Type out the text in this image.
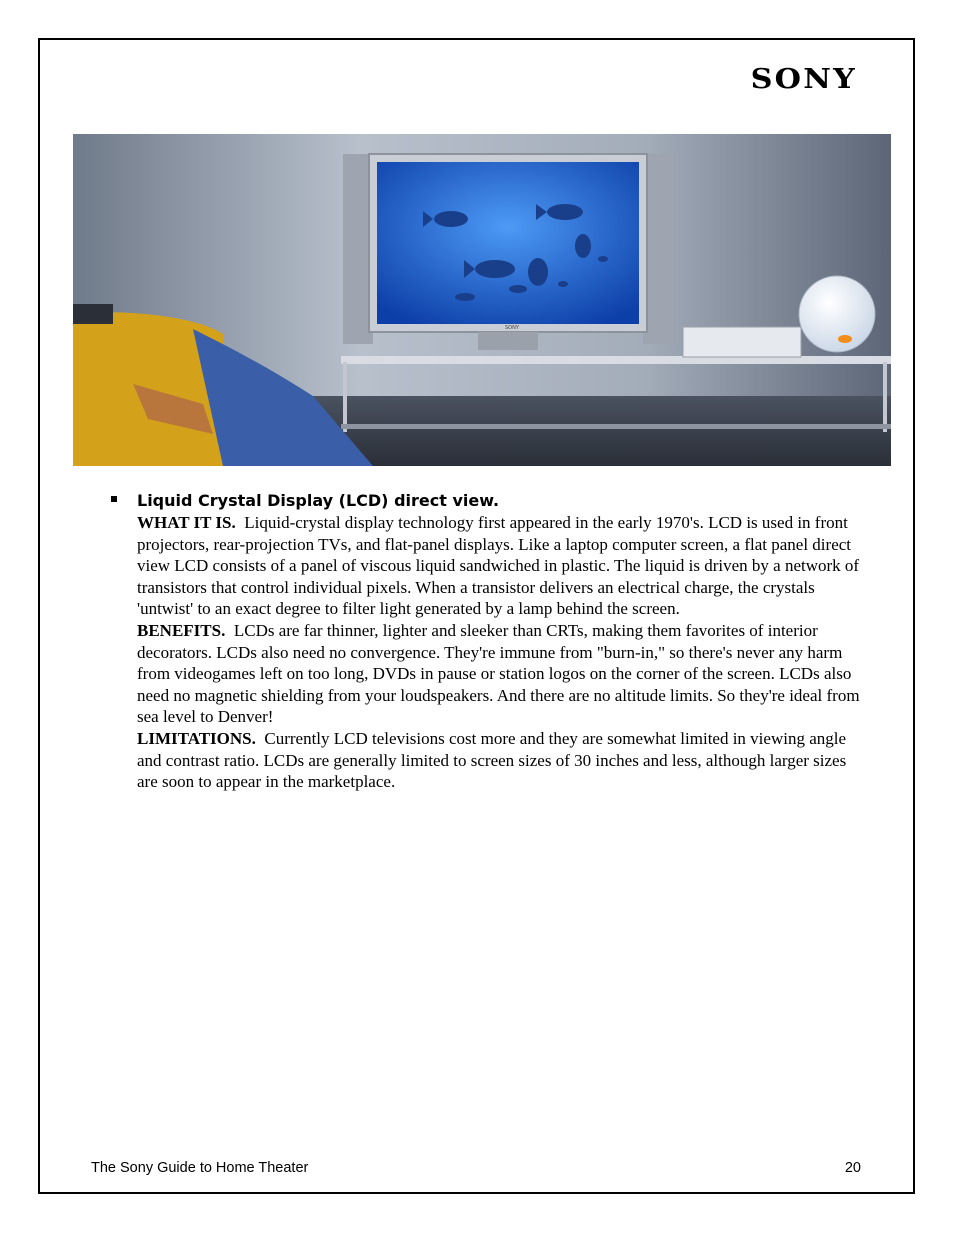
SONY
SONY
Liquid Crystal Display (LCD) direct view.

WHAT IT IS. Liquid-crystal display technology first appeared in the early 1970's. LCD is used in front projectors, rear-projection TVs, and flat-panel displays. Like a laptop computer screen, a flat panel direct view LCD consists of a panel of viscous liquid sandwiched in plastic. The liquid is driven by a network of transistors that control individual pixels. When a transistor delivers an electrical charge, the crystals 'untwist' to an exact degree to filter light generated by a lamp behind the screen.

BENEFITS. LCDs are far thinner, lighter and sleeker than CRTs, making them favorites of interior decorators. LCDs also need no convergence. They're immune from "burn-in," so there's never any harm from videogames left on too long, DVDs in pause or station logos on the corner of the screen. LCDs also need no magnetic shielding from your loudspeakers. And there are no altitude limits. So they're ideal from sea level to Denver!

LIMITATIONS. Currently LCD televisions cost more and they are somewhat limited in viewing angle and contrast ratio. LCDs are generally limited to screen sizes of 30 inches and less, although larger sizes are soon to appear in the marketplace.

The Sony Guide to Home Theater	20
